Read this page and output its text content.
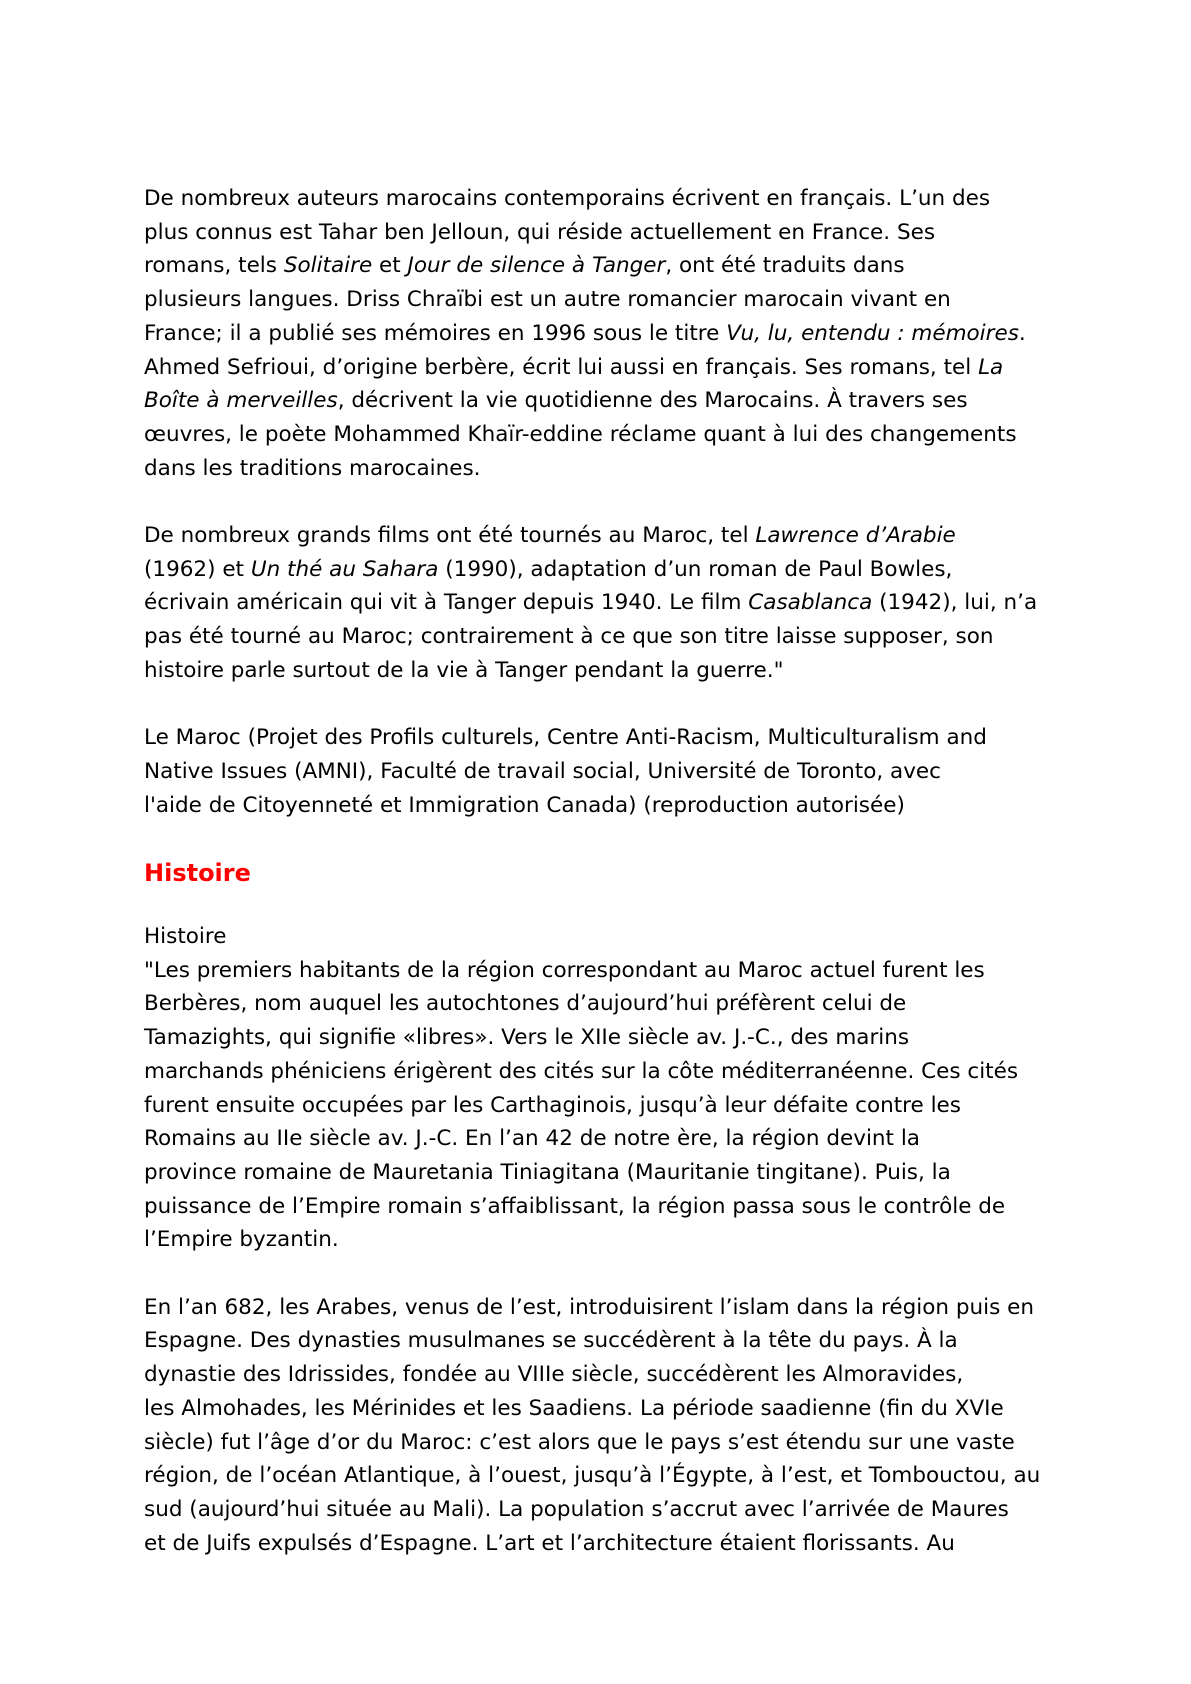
De nombreux auteurs marocains contemporains écrivent en français. L’un des
plus connus est Tahar ben Jelloun, qui réside actuellement en France. Ses
romans, tels Solitaire et Jour de silence à Tanger, ont été traduits dans
plusieurs langues. Driss Chraïbi est un autre romancier marocain vivant en
France; il a publié ses mémoires en 1996 sous le titre Vu, lu, entendu : mémoires.
Ahmed Sefrioui, d’origine berbère, écrit lui aussi en français. Ses romans, tel La
Boîte à merveilles, décrivent la vie quotidienne des Marocains. À travers ses
œuvres, le poète Mohammed Khaïr-eddine réclame quant à lui des changements
dans les traditions marocaines.

De nombreux grands films ont été tournés au Maroc, tel Lawrence d’Arabie
(1962) et Un thé au Sahara (1990), adaptation d’un roman de Paul Bowles,
écrivain américain qui vit à Tanger depuis 1940. Le film Casablanca (1942), lui, n’a
pas été tourné au Maroc; contrairement à ce que son titre laisse supposer, son
histoire parle surtout de la vie à Tanger pendant la guerre."

Le Maroc (Projet des Profils culturels, Centre Anti-Racism, Multiculturalism and
Native Issues (AMNI), Faculté de travail social, Université de Toronto, avec
l'aide de Citoyenneté et Immigration Canada) (reproduction autorisée)

Histoire

Histoire
"Les premiers habitants de la région correspondant au Maroc actuel furent les
Berbères, nom auquel les autochtones d’aujourd’hui préfèrent celui de
Tamazights, qui signifie «libres». Vers le XIIe siècle av. J.-C., des marins
marchands phéniciens érigèrent des cités sur la côte méditerranéenne. Ces cités
furent ensuite occupées par les Carthaginois, jusqu’à leur défaite contre les
Romains au IIe siècle av. J.-C. En l’an 42 de notre ère, la région devint la
province romaine de Mauretania Tiniagitana (Mauritanie tingitane). Puis, la
puissance de l’Empire romain s’affaiblissant, la région passa sous le contrôle de
l’Empire byzantin.

En l’an 682, les Arabes, venus de l’est, introduisirent l’islam dans la région puis en
Espagne. Des dynasties musulmanes se succédèrent à la tête du pays. À la
dynastie des Idrissides, fondée au VIIIe siècle, succédèrent les Almoravides,
les Almohades, les Mérinides et les Saadiens. La période saadienne (fin du XVIe
siècle) fut l’âge d’or du Maroc: c’est alors que le pays s’est étendu sur une vaste
région, de l’océan Atlantique, à l’ouest, jusqu’à l’Égypte, à l’est, et Tombouctou, au
sud (aujourd’hui située au Mali). La population s’accrut avec l’arrivée de Maures
et de Juifs expulsés d’Espagne. L’art et l’architecture étaient florissants. Au
